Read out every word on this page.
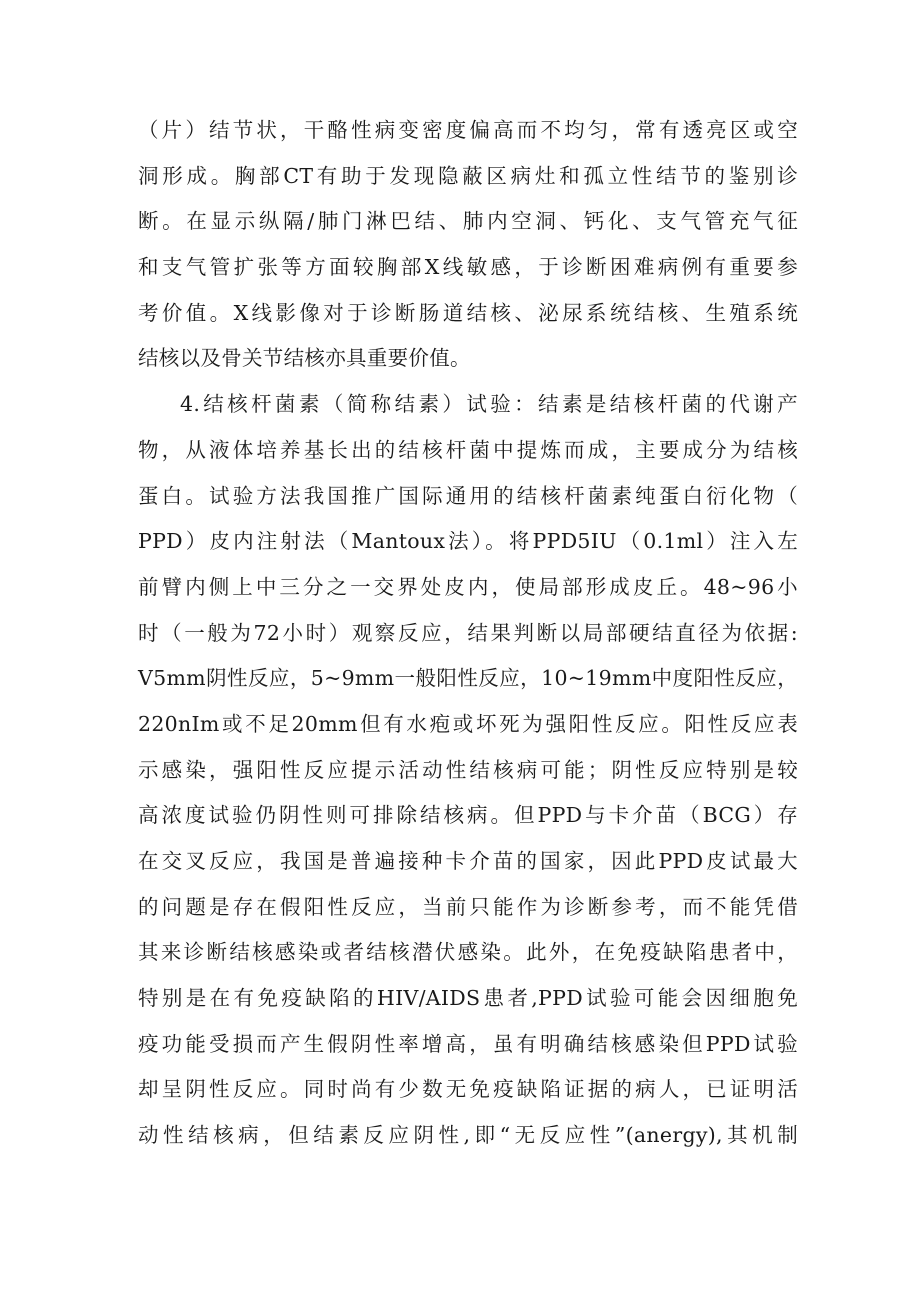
（片）结节状，干酪性病变密度偏高而不均匀，常有透亮区或空
洞形成。胸部CT有助于发现隐蔽区病灶和孤立性结节的鉴别诊
断。在显示纵隔/肺门淋巴结、肺内空洞、钙化、支气管充气征
和支气管扩张等方面较胸部X线敏感，于诊断困难病例有重要参
考价值。X线影像对于诊断肠道结核、泌尿系统结核、生殖系统
结核以及骨关节结核亦具重要价值。
4.结核杆菌素（简称结素）试验：结素是结核杆菌的代谢产
物，从液体培养基长出的结核杆菌中提炼而成，主要成分为结核
蛋白。试验方法我国推广国际通用的结核杆菌素纯蛋白衍化物（
PPD）皮内注射法（Mantoux法）。将PPD5IU（0.1ml）注入左
前臂内侧上中三分之一交界处皮内，使局部形成皮丘。48~96小
时（一般为72小时）观察反应，结果判断以局部硬结直径为依据:
V5mm阴性反应，5~9mm一般阳性反应，10~19mm中度阳性反应，
220nIm或不足20mm但有水疱或坏死为强阳性反应。阳性反应表
示感染，强阳性反应提示活动性结核病可能；阴性反应特别是较
高浓度试验仍阴性则可排除结核病。但PPD与卡介苗（BCG）存
在交叉反应，我国是普遍接种卡介苗的国家，因此PPD皮试最大
的问题是存在假阳性反应，当前只能作为诊断参考，而不能凭借
其来诊断结核感染或者结核潜伏感染。此外，在免疫缺陷患者中，
特别是在有免疫缺陷的HIV/AIDS患者,PPD试验可能会因细胞免
疫功能受损而产生假阴性率增高，虽有明确结核感染但PPD试验
却呈阴性反应。同时尚有少数无免疫缺陷证据的病人，已证明活
动性结核病，但结素反应阴性,即“无反应性”(anergy),其机制
